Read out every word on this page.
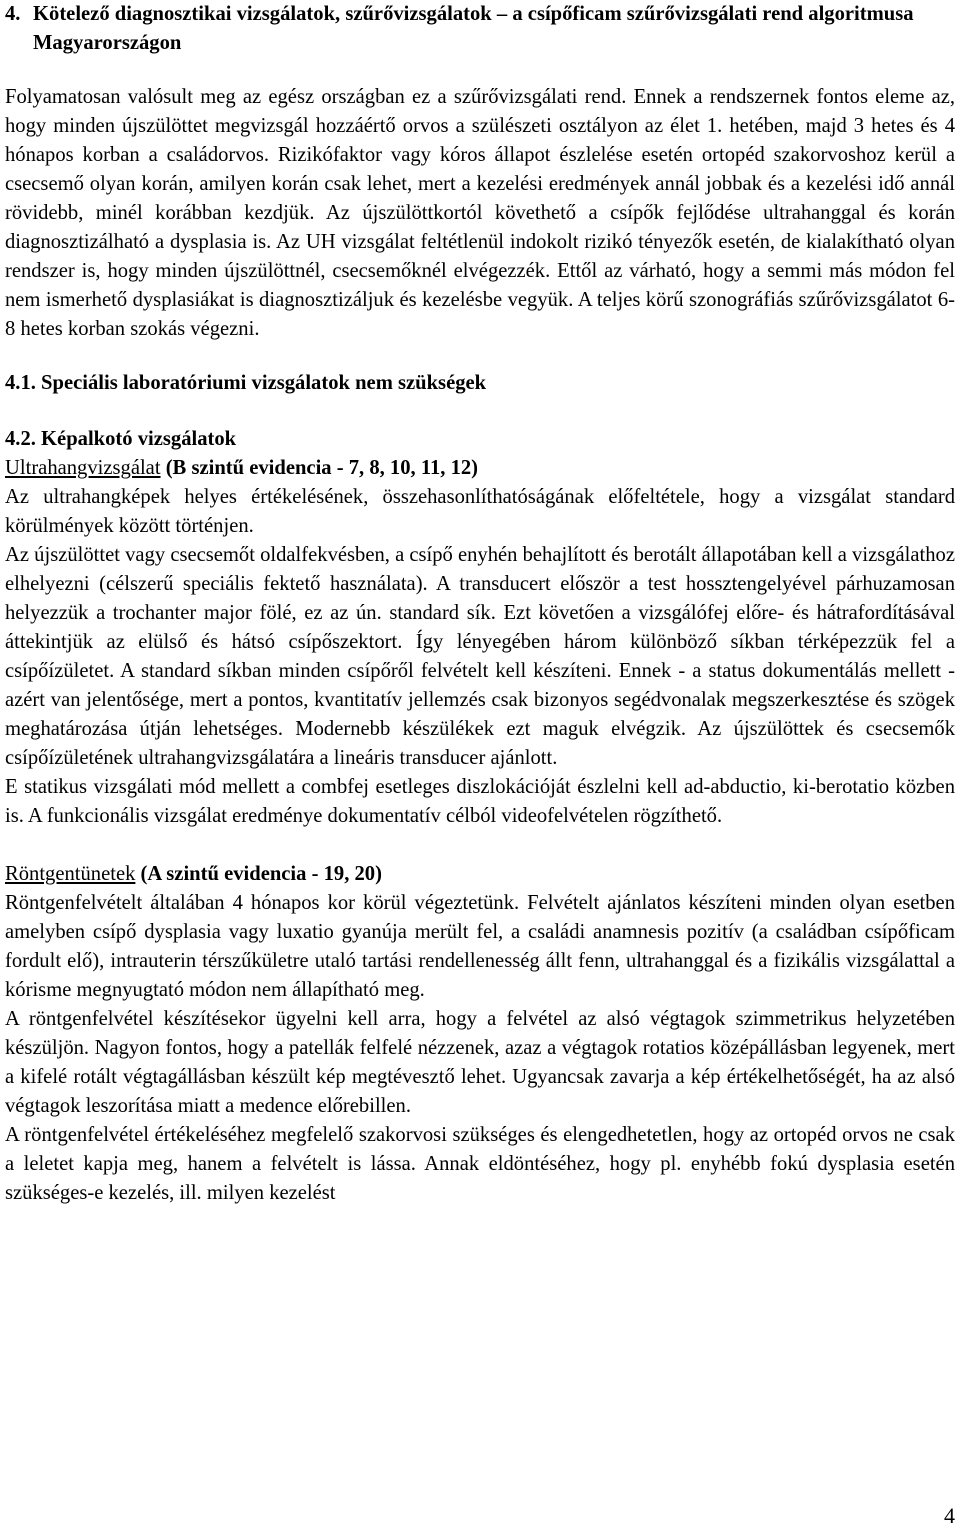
4. Kötelező diagnosztikai vizsgálatok, szűrővizsgálatok – a csípőficam szűrővizsgálati rend algoritmusa Magyarországon

Folyamatosan valósult meg az egész országban ez a szűrővizsgálati rend. Ennek a rendszernek fontos eleme az, hogy minden újszülöttet megvizsgál hozzáértő orvos a szülészeti osztályon az élet 1. hetében, majd 3 hetes és 4 hónapos korban a családorvos. Rizikófaktor vagy kóros állapot észlelése esetén ortopéd szakorvoshoz kerül a csecsemő olyan korán, amilyen korán csak lehet, mert a kezelési eredmények annál jobbak és a kezelési idő annál rövidebb, minél korábban kezdjük. Az újszülöttkortól követhető a csípők fejlődése ultrahanggal és korán diagnosztizálható a dysplasia is. Az UH vizsgálat feltétlenül indokolt rizikó tényezők esetén, de kialakítható olyan rendszer is, hogy minden újszülöttnél, csecsemőknél elvégezzék. Ettől az várható, hogy a semmi más módon fel nem ismerhető dysplasiákat is diagnosztizáljuk és kezelésbe vegyük. A teljes körű szonográfiás szűrővizsgálatot 6-8 hetes korban szokás végezni.

4.1. Speciális laboratóriumi vizsgálatok nem szükségek
4.2. Képalkotó vizsgálatok
Ultrahangvizsgálat (B szintű evidencia - 7, 8, 10, 11, 12)

Az ultrahangképek helyes értékelésének, összehasonlíthatóságának előfeltétele, hogy a vizsgálat standard körülmények között történjen.

Az újszülöttet vagy csecsemőt oldalfekvésben, a csípő enyhén behajlított és berotált állapotában kell a vizsgálathoz elhelyezni (célszerű speciális fektető használata). A transducert először a test hossztengelyével párhuzamosan helyezzük a trochanter major fölé, ez az ún. standard sík. Ezt követően a vizsgálófej előre- és hátrafordításával áttekintjük az elülső és hátsó csípőszektort. Így lényegében három különböző síkban térképezzük fel a csípőízületet. A standard síkban minden csípőről felvételt kell készíteni. Ennek - a status dokumentálás mellett - azért van jelentősége, mert a pontos, kvantitatív jellemzés csak bizonyos segédvonalak megszerkesztése és szögek meghatározása útján lehetséges. Modernebb készülékek ezt maguk elvégzik. Az újszülöttek és csecsemők csípőízületének ultrahangvizsgálatára a lineáris transducer ajánlott.

E statikus vizsgálati mód mellett a combfej esetleges diszlokációját észlelni kell ad-abductio, ki-berotatio közben is. A funkcionális vizsgálat eredménye dokumentatív célból videofelvételen rögzíthető.

Röntgentünetek (A szintű evidencia - 19, 20)

Röntgenfelvételt általában 4 hónapos kor körül végeztetünk. Felvételt ajánlatos készíteni minden olyan esetben amelyben csípő dysplasia vagy luxatio gyanúja merült fel, a családi anamnesis pozitív (a családban csípőficam fordult elő), intrauterin térszűkületre utaló tartási rendellenesség állt fenn, ultrahanggal és a fizikális vizsgálattal a kórisme megnyugtató módon nem állapítható meg.

A röntgenfelvétel készítésekor ügyelni kell arra, hogy a felvétel az alsó végtagok szimmetrikus helyzetében készüljön. Nagyon fontos, hogy a patellák felfelé nézzenek, azaz a végtagok rotatios középállásban legyenek, mert a kifelé rotált végtagállásban készült kép megtévesztő lehet. Ugyancsak zavarja a kép értékelhetőségét, ha az alsó végtagok leszorítása miatt a medence előrebillen.

A röntgenfelvétel értékeléséhez megfelelő szakorvosi szükséges és elengedhetetlen, hogy az ortopéd orvos ne csak a leletet kapja meg, hanem a felvételt is lássa. Annak eldöntéséhez, hogy pl. enyhébb fokú dysplasia esetén szükséges-e kezelés, ill. milyen kezelést

4
